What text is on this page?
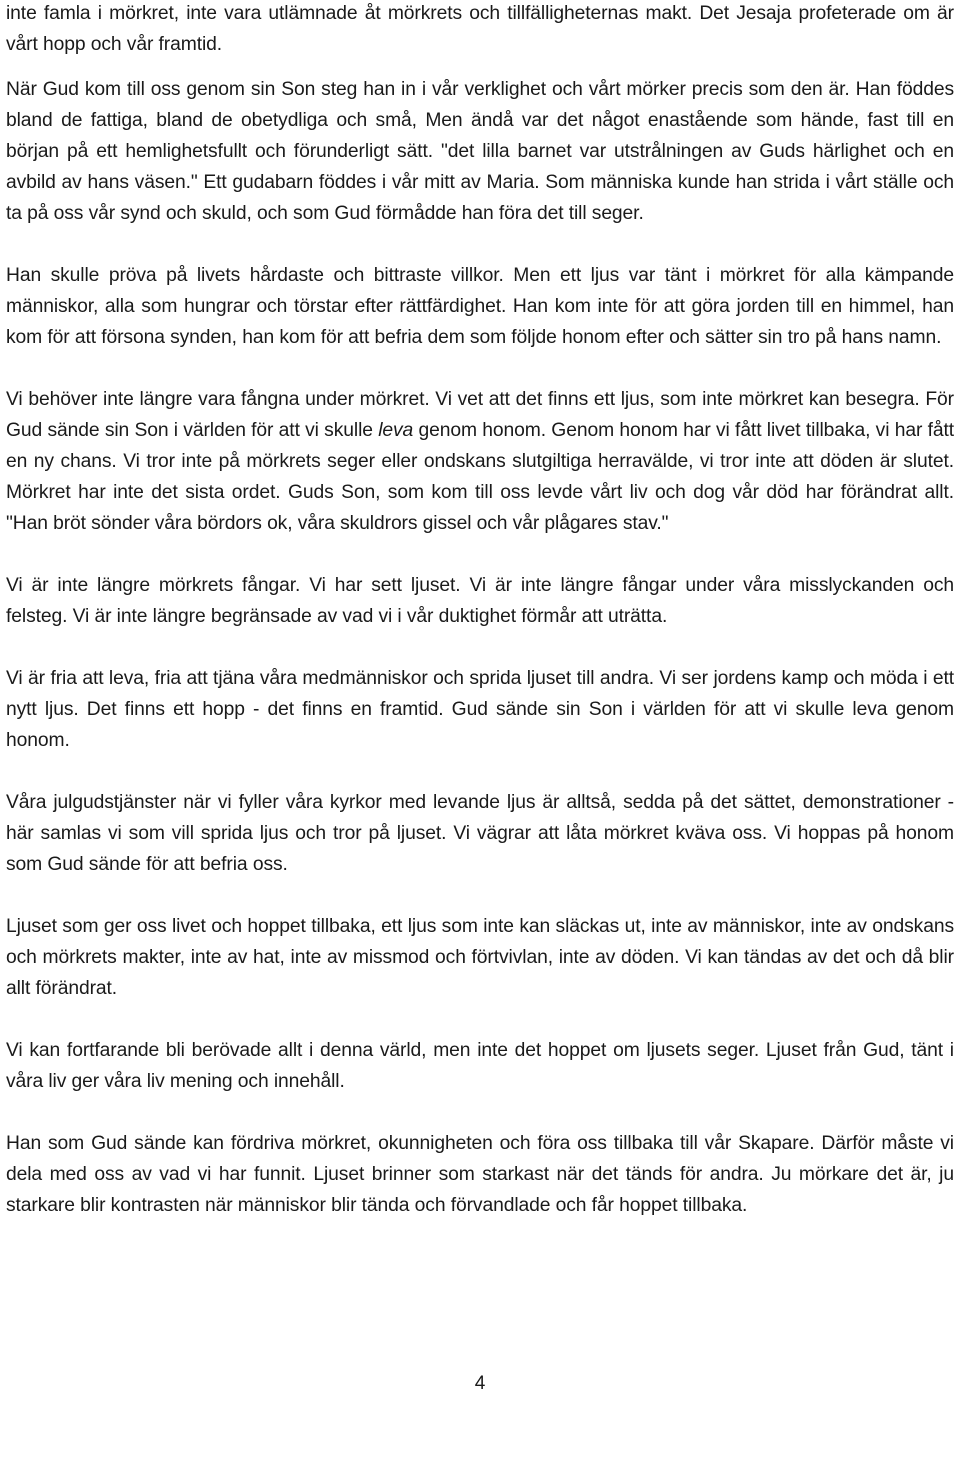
inte famla i mörkret, inte vara utlämnade åt mörkrets och tillfälligheternas makt. Det Jesaja profeterade om är vårt hopp och vår framtid.

När Gud kom till oss genom sin Son steg han in i vår verklighet och vårt mörker precis som den är. Han föddes bland de fattiga, bland de obetydliga och små, Men ändå var det något enastående som hände, fast till en början på ett hemlighetsfullt och förunderligt sätt. "det lilla barnet var utstrålningen av Guds härlighet och en avbild av hans väsen." Ett gudabarn föddes i vår mitt av Maria. Som människa kunde han strida i vårt ställe och ta på oss vår synd och skuld, och som Gud förmådde han föra det till seger.

Han skulle pröva på livets hårdaste och bittraste villkor. Men ett ljus var tänt i mörkret för alla kämpande människor, alla som hungrar och törstar efter rättfärdighet. Han kom inte för att göra jorden till en himmel, han kom för att försona synden, han kom för att befria dem som följde honom efter och sätter sin tro på hans namn.

Vi behöver inte längre vara fångna under mörkret. Vi vet att det finns ett ljus, som inte mörkret kan besegra. För Gud sände sin Son i världen för att vi skulle leva genom honom. Genom honom har vi fått livet tillbaka, vi har fått en ny chans. Vi tror inte på mörkrets seger eller ondskans slutgiltiga herravälde, vi tror inte att döden är slutet. Mörkret har inte det sista ordet. Guds Son, som kom till oss levde vårt liv och dog vår död har förändrat allt. "Han bröt sönder våra bördors ok, våra skuldrors gissel och vår plågares stav."

Vi är inte längre mörkrets fångar. Vi har sett ljuset. Vi är inte längre fångar under våra misslyckanden och felsteg. Vi är inte längre begränsade av vad vi i vår duktighet förmår att uträtta.

Vi är fria att leva, fria att tjäna våra medmänniskor och sprida ljuset till andra. Vi ser jordens kamp och möda i ett nytt ljus. Det finns ett hopp - det finns en framtid. Gud sände sin Son i världen för att vi skulle leva genom honom.

Våra julgudstjänster när vi fyller våra kyrkor med levande ljus är alltså, sedda på det sättet, demonstrationer - här samlas vi som vill sprida ljus och tror på ljuset. Vi vägrar att låta mörkret kväva oss. Vi hoppas på honom som Gud sände för att befria oss.

Ljuset som ger oss livet och hoppet tillbaka, ett ljus som inte kan släckas ut, inte av människor, inte av ondskans och mörkrets makter, inte av hat, inte av missmod och förtvivlan, inte av döden. Vi kan tändas av det och då blir allt förändrat.

Vi kan fortfarande bli berövade allt i denna värld, men inte det hoppet om ljusets seger. Ljuset från Gud, tänt i våra liv ger våra liv mening och innehåll.

Han som Gud sände kan fördriva mörkret, okunnigheten och föra oss tillbaka till vår Skapare. Därför måste vi dela med oss av vad vi har funnit. Ljuset brinner som starkast när det tänds för andra. Ju mörkare det är, ju starkare blir kontrasten när människor blir tända och förvandlade och får hoppet tillbaka.

4
